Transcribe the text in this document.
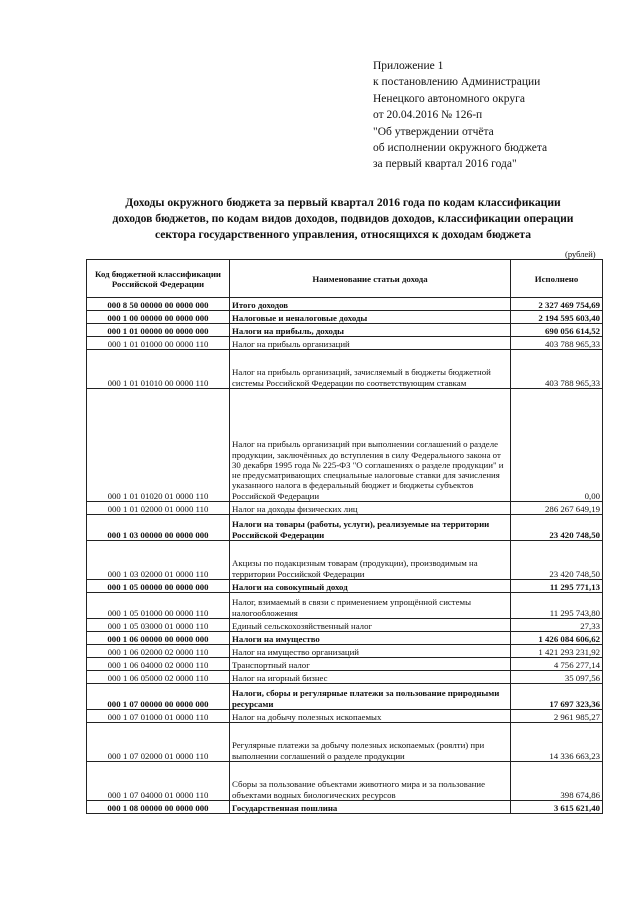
Приложение 1
к постановлению Администрации
Ненецкого автономного округа
от 20.04.2016 № 126-п
"Об утверждении отчёта
об исполнении окружного бюджета
за первый квартал 2016 года"
Доходы окружного бюджета за первый квартал 2016 года по кодам классификации
доходов бюджетов, по кодам видов доходов, подвидов доходов, классификации операции
сектора государственного управления, относящихся к доходам бюджета
(рублей)
Код бюджетной классификации Российской Федерации	Наименование статьи дохода	Исполнено
000 8 50 00000 00 0000 000	Итого доходов	2 327 469 754,69
000 1 00 00000 00 0000 000	Налоговые и неналоговые доходы	2 194 595 603,40
000 1 01 00000 00 0000 000	Налоги на прибыль, доходы	690 056 614,52
000 1 01 01000 00 0000 110	Налог на прибыль организаций	403 788 965,33
000 1 01 01010 00 0000 110	Налог на прибыль организаций, зачисляемый в бюджеты бюджетной системы Российской Федерации по соответствующим ставкам	403 788 965,33
000 1 01 01020 01 0000 110	Налог на прибыль организаций при выполнении соглашений о разделе продукции, заключённых до вступления в силу Федерального закона от 30 декабря 1995 года № 225-ФЗ "О соглашениях о разделе продукции" и не предусматривающих специальные налоговые ставки для зачисления указанного налога в федеральный бюджет и бюджеты субъектов Российской Федерации	0,00
000 1 01 02000 01 0000 110	Налог на доходы физических лиц	286 267 649,19
000 1 03 00000 00 0000 000	Налоги на товары (работы, услуги), реализуемые на территории Российской Федерации	23 420 748,50
000 1 03 02000 01 0000 110	Акцизы по подакцизным товарам (продукции), производимым на территории Российской Федерации	23 420 748,50
000 1 05 00000 00 0000 000	Налоги на совокупный доход	11 295 771,13
000 1 05 01000 00 0000 110	Налог, взимаемый в связи с применением упрощённой системы налогообложения	11 295 743,80
000 1 05 03000 01 0000 110	Единый сельскохозяйственный налог	27,33
000 1 06 00000 00 0000 000	Налоги на имущество	1 426 084 606,62
000 1 06 02000 02 0000 110	Налог на имущество организаций	1 421 293 231,92
000 1 06 04000 02 0000 110	Транспортный налог	4 756 277,14
000 1 06 05000 02 0000 110	Налог на игорный бизнес	35 097,56
000 1 07 00000 00 0000 000	Налоги, сборы и регулярные платежи за пользование природными ресурсами	17 697 323,36
000 1 07 01000 01 0000 110	Налог на добычу полезных ископаемых	2 961 985,27
000 1 07 02000 01 0000 110	Регулярные платежи за добычу полезных ископаемых (роялти) при выполнении соглашений о разделе продукции	14 336 663,23
000 1 07 04000 01 0000 110	Сборы за пользование объектами животного мира и за пользование объектами водных биологических ресурсов	398 674,86
000 1 08 00000 00 0000 000	Государственная пошлина	3 615 621,40
